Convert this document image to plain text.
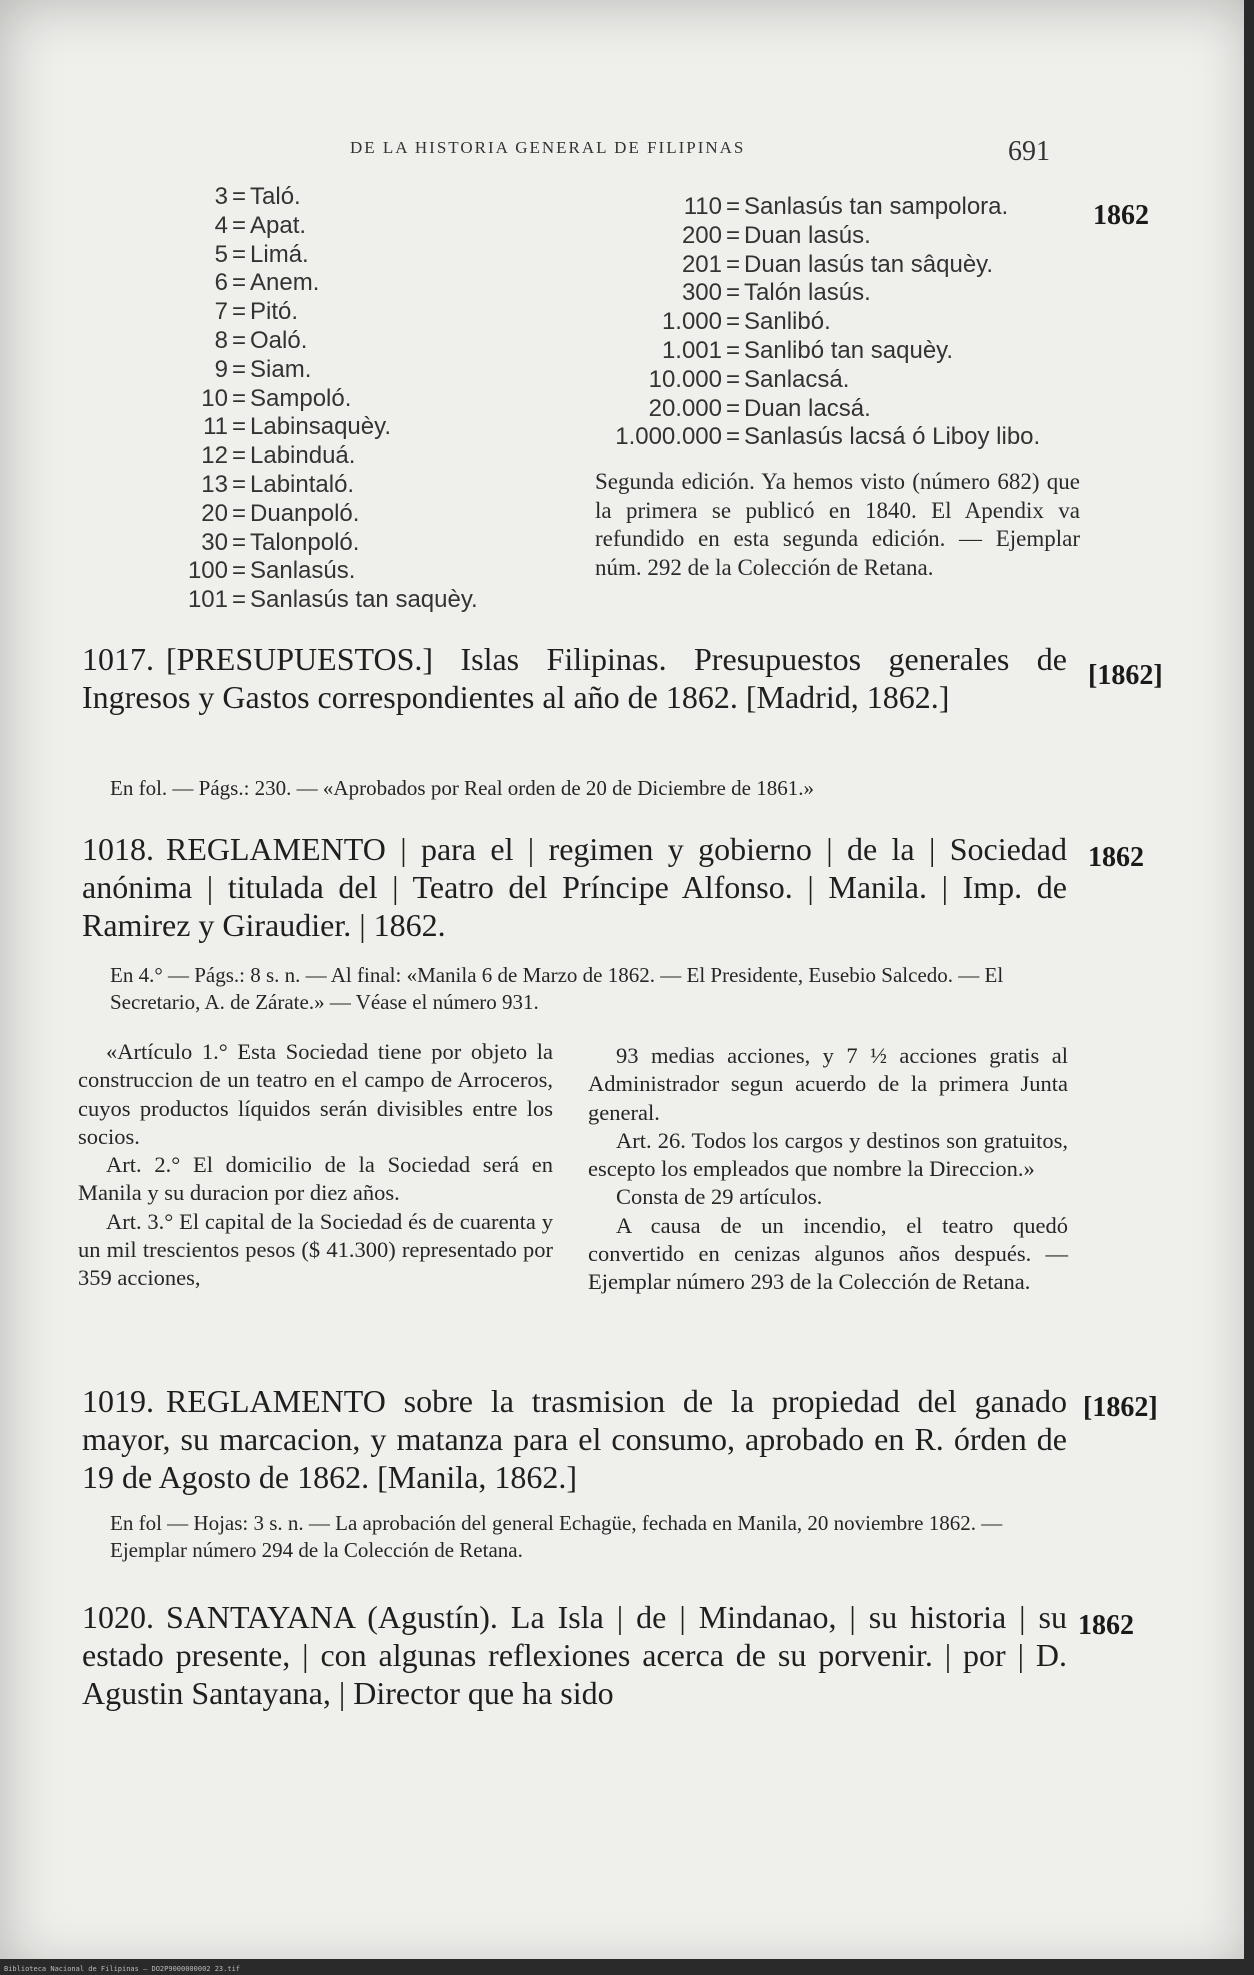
DE LA HISTORIA GENERAL DE FILIPINAS	691
3 = Taló.
4 = Apat.
5 = Limá.
6 = Anem.
7 = Pitó.
8 = Oaló.
9 = Siam.
10 = Sampoló.
11 = Labinsaquèy.
12 = Labinduá.
13 = Labintaló.
20 = Duanpoló.
30 = Talonpoló.
100 = Sanlasús.
101 = Sanlasús tan saquèy.
110 = Sanlasús tan sampolora.
200 = Duan lasús.
201 = Duan lasús tan sâquèy.
300 = Talón lasús.
1.000 = Sanlibó.
1.001 = Sanlibó tan saquèy.
10.000 = Sanlacsá.
20.000 = Duan lacsá.
1.000.000 = Sanlasús lacsá ó Liboy libo.
1862
Segunda edición. Ya hemos visto (número 682) que la primera se publicó en 1840. El Apendix va refundido en esta segunda edición. — Ejemplar núm. 292 de la Colección de Retana.
1017. [PRESUPUESTOS.] Islas Filipinas. Presupuestos generales de Ingresos y Gastos correspondientes al año de 1862. [Madrid, 1862.]
[1862]
En fol. — Págs.: 230. — «Aprobados por Real orden de 20 de Diciembre de 1861.»
1018. REGLAMENTO | para el | regimen y gobierno | de la | Sociedad anónima | titulada del | Teatro del Príncipe Alfonso. | Manila. | Imp. de Ramirez y Giraudier. | 1862.
1862
En 4.° — Págs.: 8 s. n. — Al final: «Manila 6 de Marzo de 1862. — El Presidente, Eusebio Salcedo. — El Secretario, A. de Zárate.» — Véase el número 931.

«Artículo 1.° Esta Sociedad tiene por objeto la construccion de un teatro en el campo de Arroceros, cuyos productos líquidos serán divisibles entre los socios.

Art. 2.° El domicilio de la Sociedad será en Manila y su duracion por diez años.

Art. 3.° El capital de la Sociedad és de cuarenta y un mil trescientos pesos ($ 41.300) representado por 359 acciones,

93 medias acciones, y 7 ½ acciones gratis al Administrador segun acuerdo de la primera Junta general.

Art. 26. Todos los cargos y destinos son gratuitos, escepto los empleados que nombre la Direccion.»

Consta de 29 artículos.

A causa de un incendio, el teatro quedó convertido en cenizas algunos años después. — Ejemplar número 293 de la Colección de Retana.

1019. REGLAMENTO sobre la trasmision de la propiedad del ganado mayor, su marcacion, y matanza para el consumo, aprobado en R. órden de 19 de Agosto de 1862. [Manila, 1862.]
[1862]
En fol — Hojas: 3 s. n. — La aprobación del general Echagüe, fechada en Manila, 20 noviembre 1862. — Ejemplar número 294 de la Colección de Retana.
1020. SANTAYANA (Agustín). La Isla | de | Mindanao, | su historia | su estado presente, | con algunas reflexiones acerca de su porvenir. | por | D. Agustin Santayana, | Director que ha sido
1862
Biblioteca Nacional de Filipinas — DO2P9000000002 23.tif
